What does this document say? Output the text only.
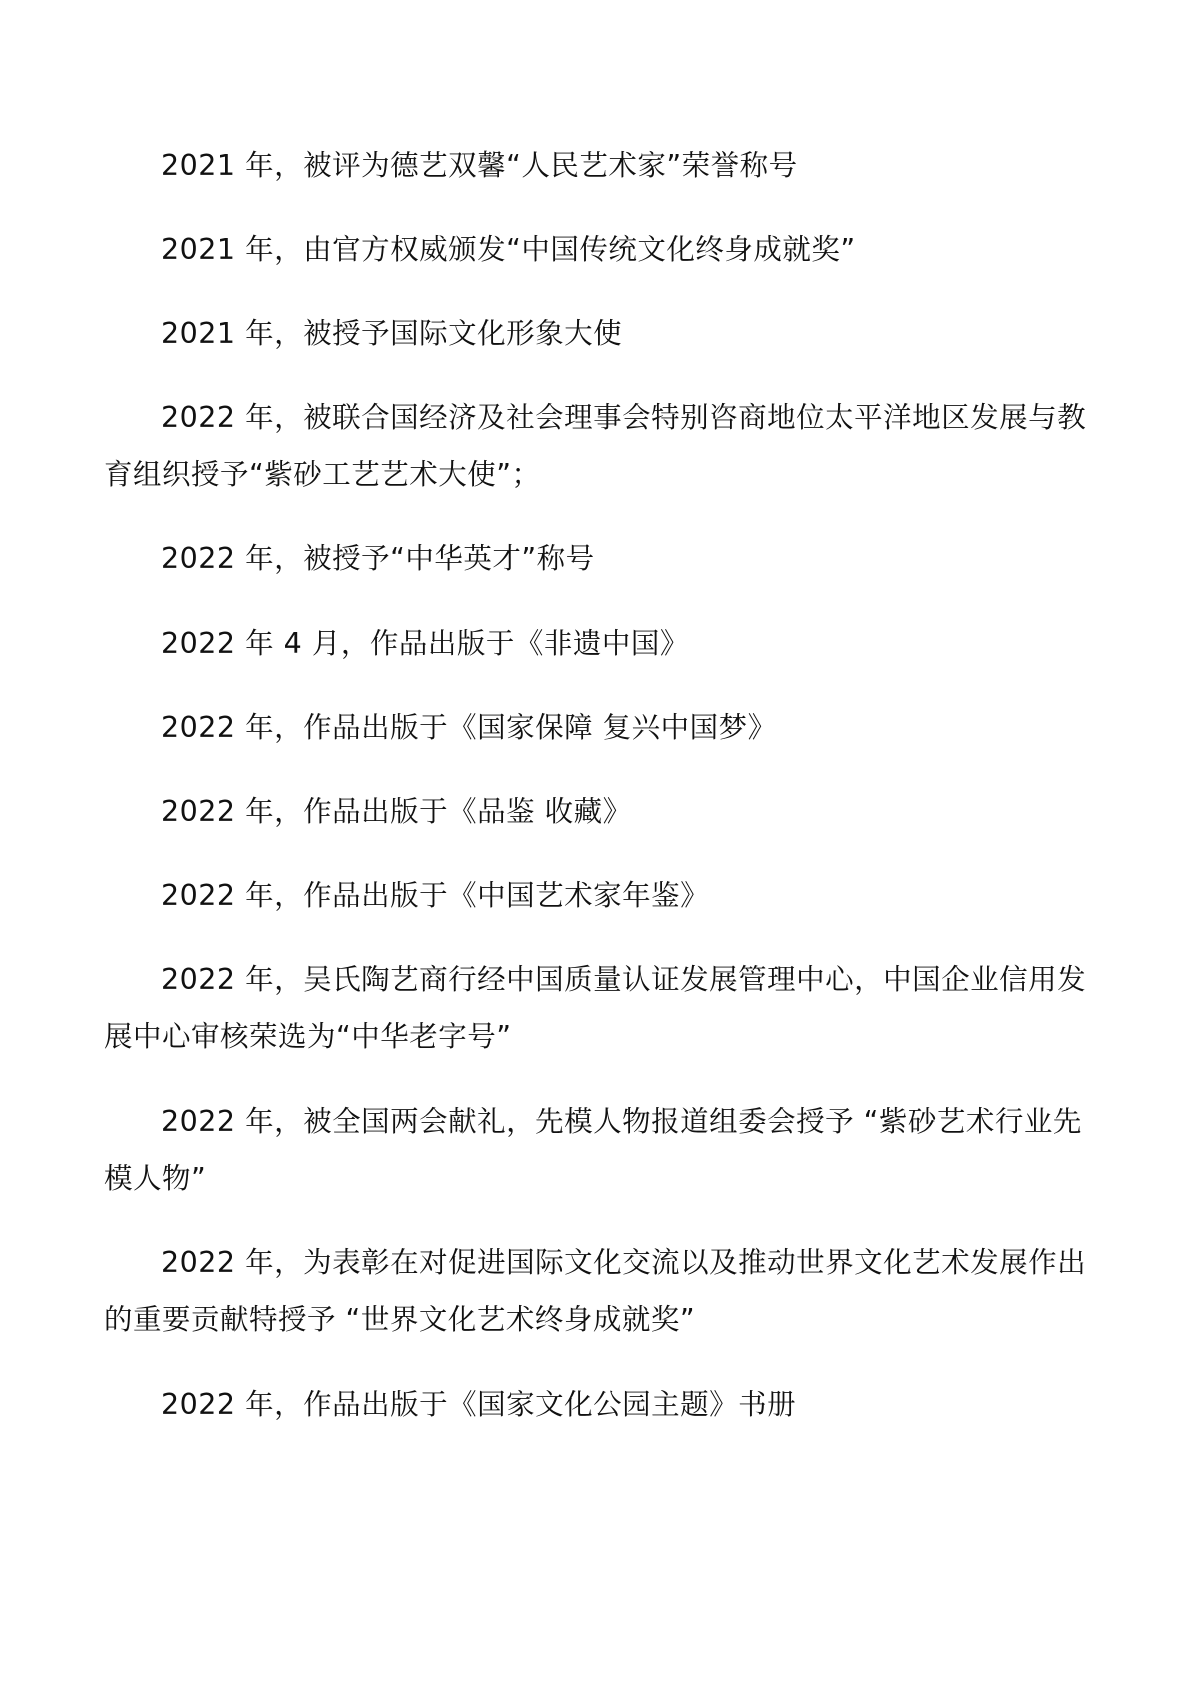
2021 年，被评为德艺双馨“人民艺术家”荣誉称号

2021 年，由官方权威颁发“中国传统文化终身成就奖”

2021 年，被授予国际文化形象大使

2022 年，被联合国经济及社会理事会特别咨商地位太平洋地区发展与教育组织授予“紫砂工艺艺术大使”；

2022 年，被授予“中华英才”称号

2022 年 4 月，作品出版于《非遗中国》

2022 年，作品出版于《国家保障 复兴中国梦》

2022 年，作品出版于《品鉴 收藏》

2022 年，作品出版于《中国艺术家年鉴》

2022 年，吴氏陶艺商行经中国质量认证发展管理中心，中国企业信用发展中心审核荣选为“中华老字号”

2022 年，被全国两会献礼，先模人物报道组委会授予 “紫砂艺术行业先模人物”

2022 年，为表彰在对促进国际文化交流以及推动世界文化艺术发展作出的重要贡献特授予 “世界文化艺术终身成就奖”

2022 年，作品出版于《国家文化公园主题》书册
